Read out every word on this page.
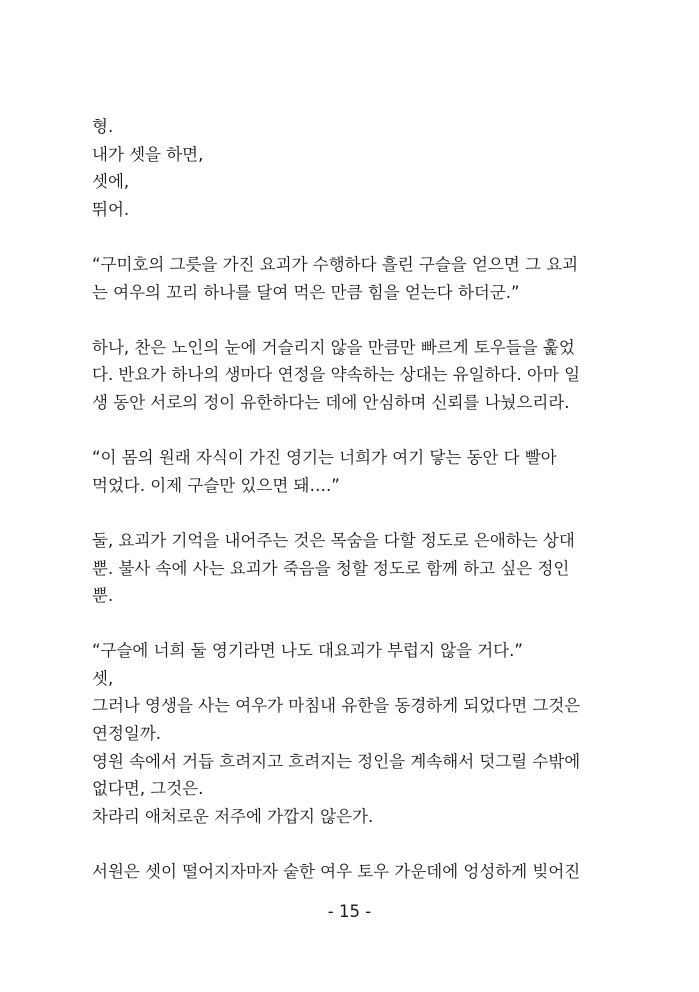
형.
내가 셋을 하면,
셋에,
뛰어.
“구미호의 그릇을 가진 요괴가 수행하다 흘린 구슬을 얻으면 그 요괴
는 여우의 꼬리 하나를 달여 먹은 만큼 힘을 얻는다 하더군.”
하나, 찬은 노인의 눈에 거슬리지 않을 만큼만 빠르게 토우들을 훑었
다. 반요가 하나의 생마다 연정을 약속하는 상대는 유일하다. 아마 일
생 동안 서로의 정이 유한하다는 데에 안심하며 신뢰를 나눴으리라.
“이 몸의 원래 자식이 가진 영기는 너희가 여기 닿는 동안 다 빨아
먹었다. 이제 구슬만 있으면 돼….”
둘, 요괴가 기억을 내어주는 것은 목숨을 다할 정도로 은애하는 상대
뿐. 불사 속에 사는 요괴가 죽음을 청할 정도로 함께 하고 싶은 정인
뿐.
“구슬에 너희 둘 영기라면 나도 대요괴가 부럽지 않을 거다.”
셋,
그러나 영생을 사는 여우가 마침내 유한을 동경하게 되었다면 그것은
연정일까.
영원 속에서 거듭 흐려지고 흐려지는 정인을 계속해서 덧그릴 수밖에
없다면, 그것은.
차라리 애처로운 저주에 가깝지 않은가.
서원은 셋이 떨어지자마자 숱한 여우 토우 가운데에 엉성하게 빚어진
- 15 -
